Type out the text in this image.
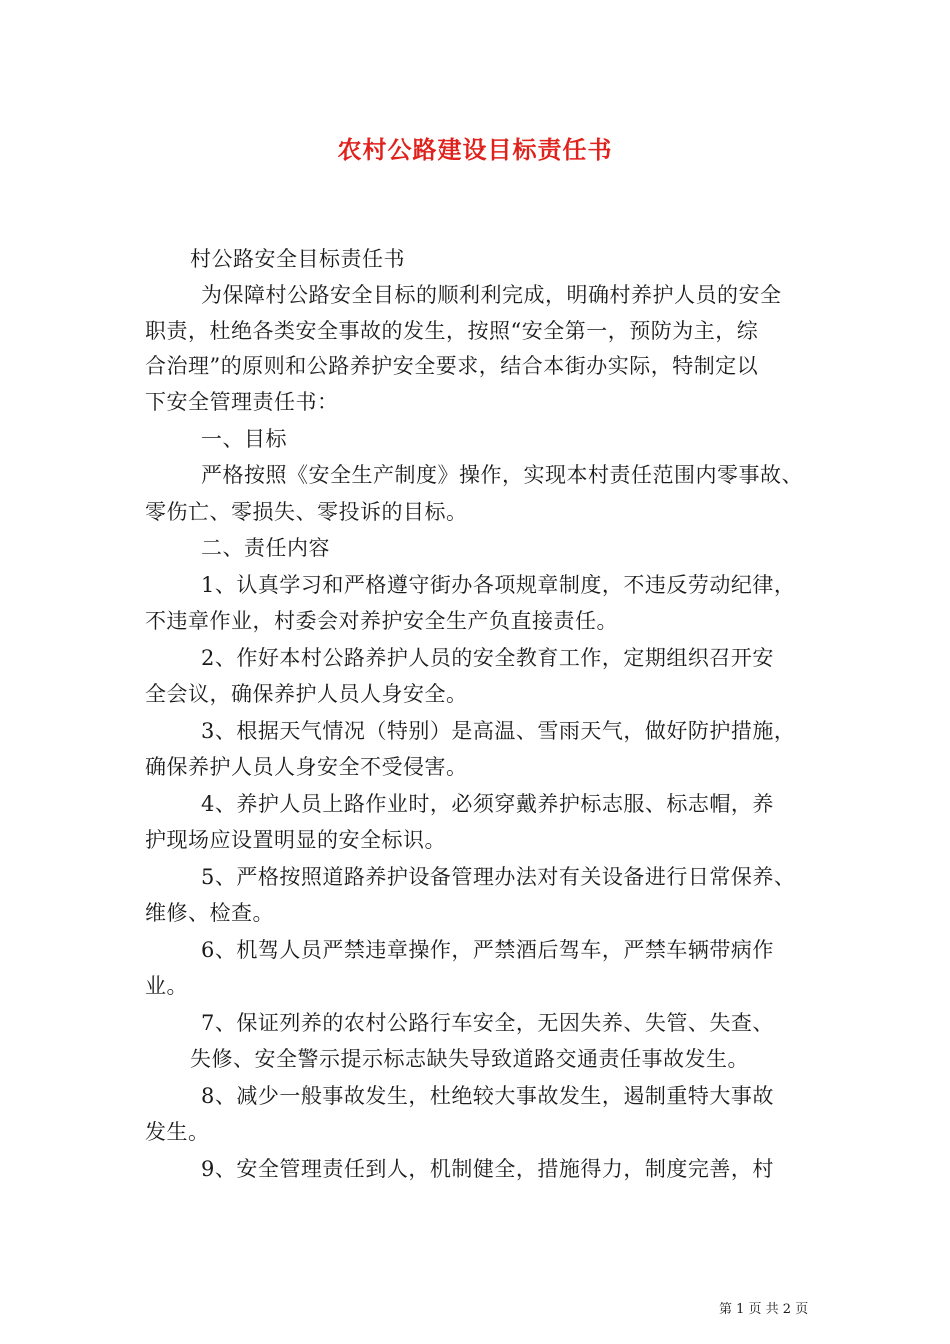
农村公路建设目标责任书
村公路安全目标责任书
为保障村公路安全目标的顺利利完成，明确村养护人员的安全
职责，杜绝各类安全事故的发生，按照“安全第一，预防为主，综
合治理”的原则和公路养护安全要求，结合本街办实际，特制定以
下安全管理责任书：
一、目标
严格按照《安全生产制度》操作，实现本村责任范围内零事故、
零伤亡、零损失、零投诉的目标。
二、责任内容
1、认真学习和严格遵守街办各项规章制度，不违反劳动纪律，
不违章作业，村委会对养护安全生产负直接责任。
2、作好本村公路养护人员的安全教育工作，定期组织召开安
全会议，确保养护人员人身安全。
3、根据天气情况（特别）是高温、雪雨天气，做好防护措施，
确保养护人员人身安全不受侵害。
4、养护人员上路作业时，必须穿戴养护标志服、标志帽，养
护现场应设置明显的安全标识。
5、严格按照道路养护设备管理办法对有关设备进行日常保养、
维修、检查。
6、机驾人员严禁违章操作，严禁酒后驾车，严禁车辆带病作
业。
7、保证列养的农村公路行车安全，无因失养、失管、失查、
失修、安全警示提示标志缺失导致道路交通责任事故发生。
8、减少一般事故发生，杜绝较大事故发生，遏制重特大事故
发生。
9、安全管理责任到人，机制健全，措施得力，制度完善，村
第 1 页 共 2 页
